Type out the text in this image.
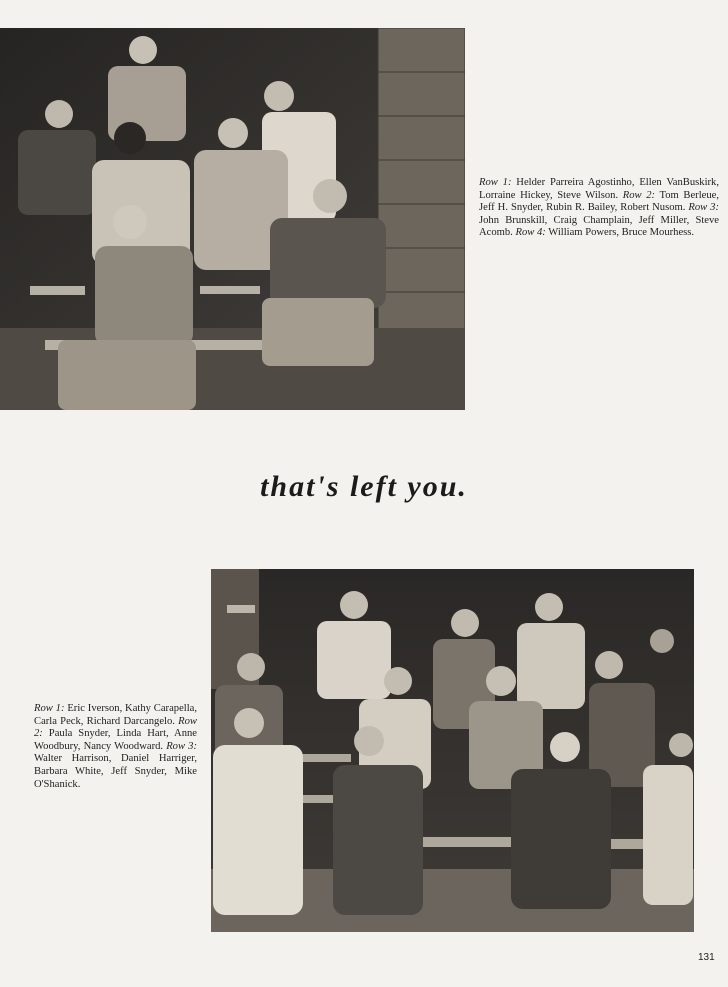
Row 1: Helder Parreira Agostinho, Ellen VanBuskirk, Lorraine Hickey, Steve Wilson. Row 2: Tom Berleue, Jeff H. Snyder, Rubin R. Bailey, Robert Nusom. Row 3: John Brunskill, Craig Champlain, Jeff Miller, Steve Acomb. Row 4: William Powers, Bruce Mourhess.
that's left you.
Row 1: Eric Iverson, Kathy Carapella, Carla Peck, Richard Darcangelo. Row 2: Paula Snyder, Linda Hart, Anne Woodbury, Nancy Woodward. Row 3: Walter Harrison, Daniel Harriger, Barbara White, Jeff Snyder, Mike O'Shanick.
131
